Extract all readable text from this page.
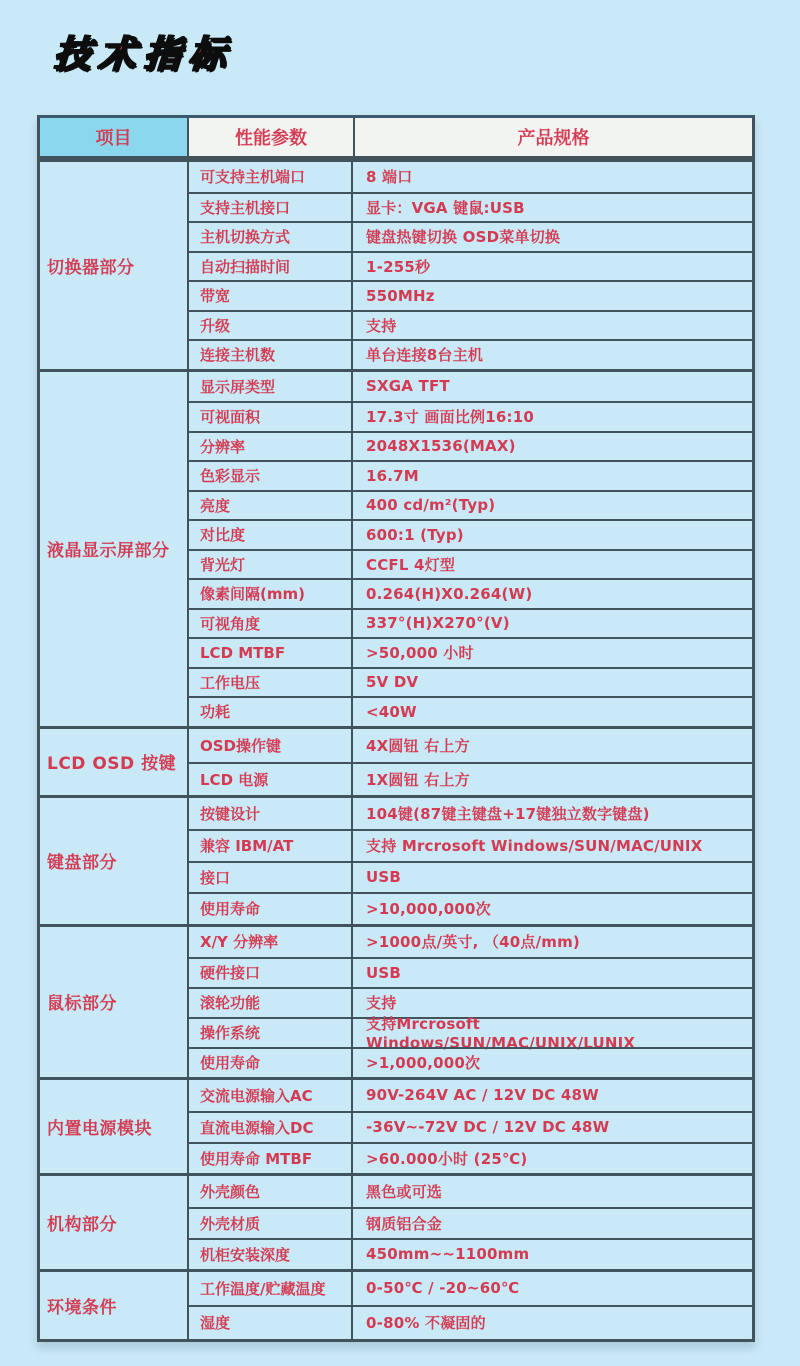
技术指标
项目	性能参数	产品规格
切换器部分
可支持主机端口	8 端口
支持主机接口	显卡：VGA 键鼠:USB
主机切换方式	键盘热键切换 OSD菜单切换
自动扫描时间	1-255秒
带宽	550MHz
升级	支持
连接主机数	单台连接8台主机
液晶显示屏部分
显示屏类型	SXGA TFT
可视面积	17.3寸 画面比例16:10
分辨率	2048X1536(MAX)
色彩显示	16.7M
亮度	400 cd/m²(Typ)
对比度	600:1 (Typ)
背光灯	CCFL 4灯型
像素间隔(mm)	0.264(H)X0.264(W)
可视角度	337°(H)X270°(V)
LCD MTBF	>50,000 小时
工作电压	5V DV
功耗	<40W
LCD OSD 按键
OSD操作键	4X圆钮 右上方
LCD 电源	1X圆钮 右上方
键盘部分
按键设计	104键(87键主键盘+17键独立数字键盘)
兼容 IBM/AT	支持 Mrcrosoft Windows/SUN/MAC/UNIX
接口	USB
使用寿命	>10,000,000次
鼠标部分
X/Y 分辨率	>1000点/英寸, （40点/mm)
硬件接口	USB
滚轮功能	支持
操作系统	支持Mrcrosoft Windows/SUN/MAC/UNIX/LUNIX
使用寿命	>1,000,000次
内置电源模块
交流电源输入AC	90V-264V AC / 12V DC 48W
直流电源输入DC	-36V~-72V DC / 12V DC 48W
使用寿命 MTBF	>60.000小时 (25℃)
机构部分
外壳颜色	黑色或可选
外壳材质	钢质铝合金
机柜安装深度	450mm~~1100mm
环境条件
工作温度/贮藏温度	0-50℃ / -20~60℃
湿度	0-80% 不凝固的
